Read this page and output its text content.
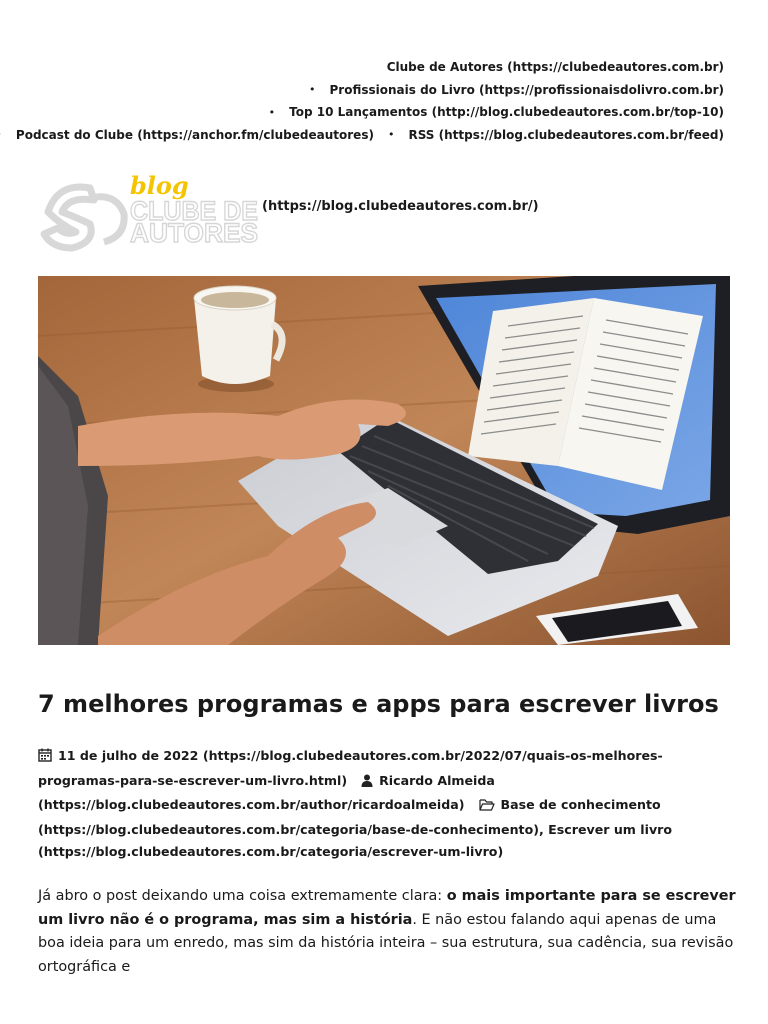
Clube de Autores (https://clubedeautores.com.br)
• Profissionais do Livro (https://profissionaisdolivro.com.br)
• Top 10 Lançamentos (http://blog.clubedeautores.com.br/top-10)
Podcast do Clube (https://anchor.fm/clubedeautores) • RSS (https://blog.clubedeautores.com.br/feed)
blog
CLUBE DE
AUTORES
(https://blog.clubedeautores.com.br/)
7 melhores programas e apps para escrever livros
11 de julho de 2022 (https://blog.clubedeautores.com.br/2022/07/quais-os-melhores-programas-para-se-escrever-um-livro.html)	Ricardo Almeida (https://blog.clubedeautores.com.br/author/ricardoalmeida)	Base de conhecimento (https://blog.clubedeautores.com.br/categoria/base-de-conhecimento), Escrever um livro (https://blog.clubedeautores.com.br/categoria/escrever-um-livro)

Já abro o post deixando uma coisa extremamente clara: o mais importante para se escrever um livro não é o programa, mas sim a história. E não estou falando aqui apenas de uma boa ideia para um enredo, mas sim da história inteira – sua estrutura, sua cadência, sua revisão ortográfica e
